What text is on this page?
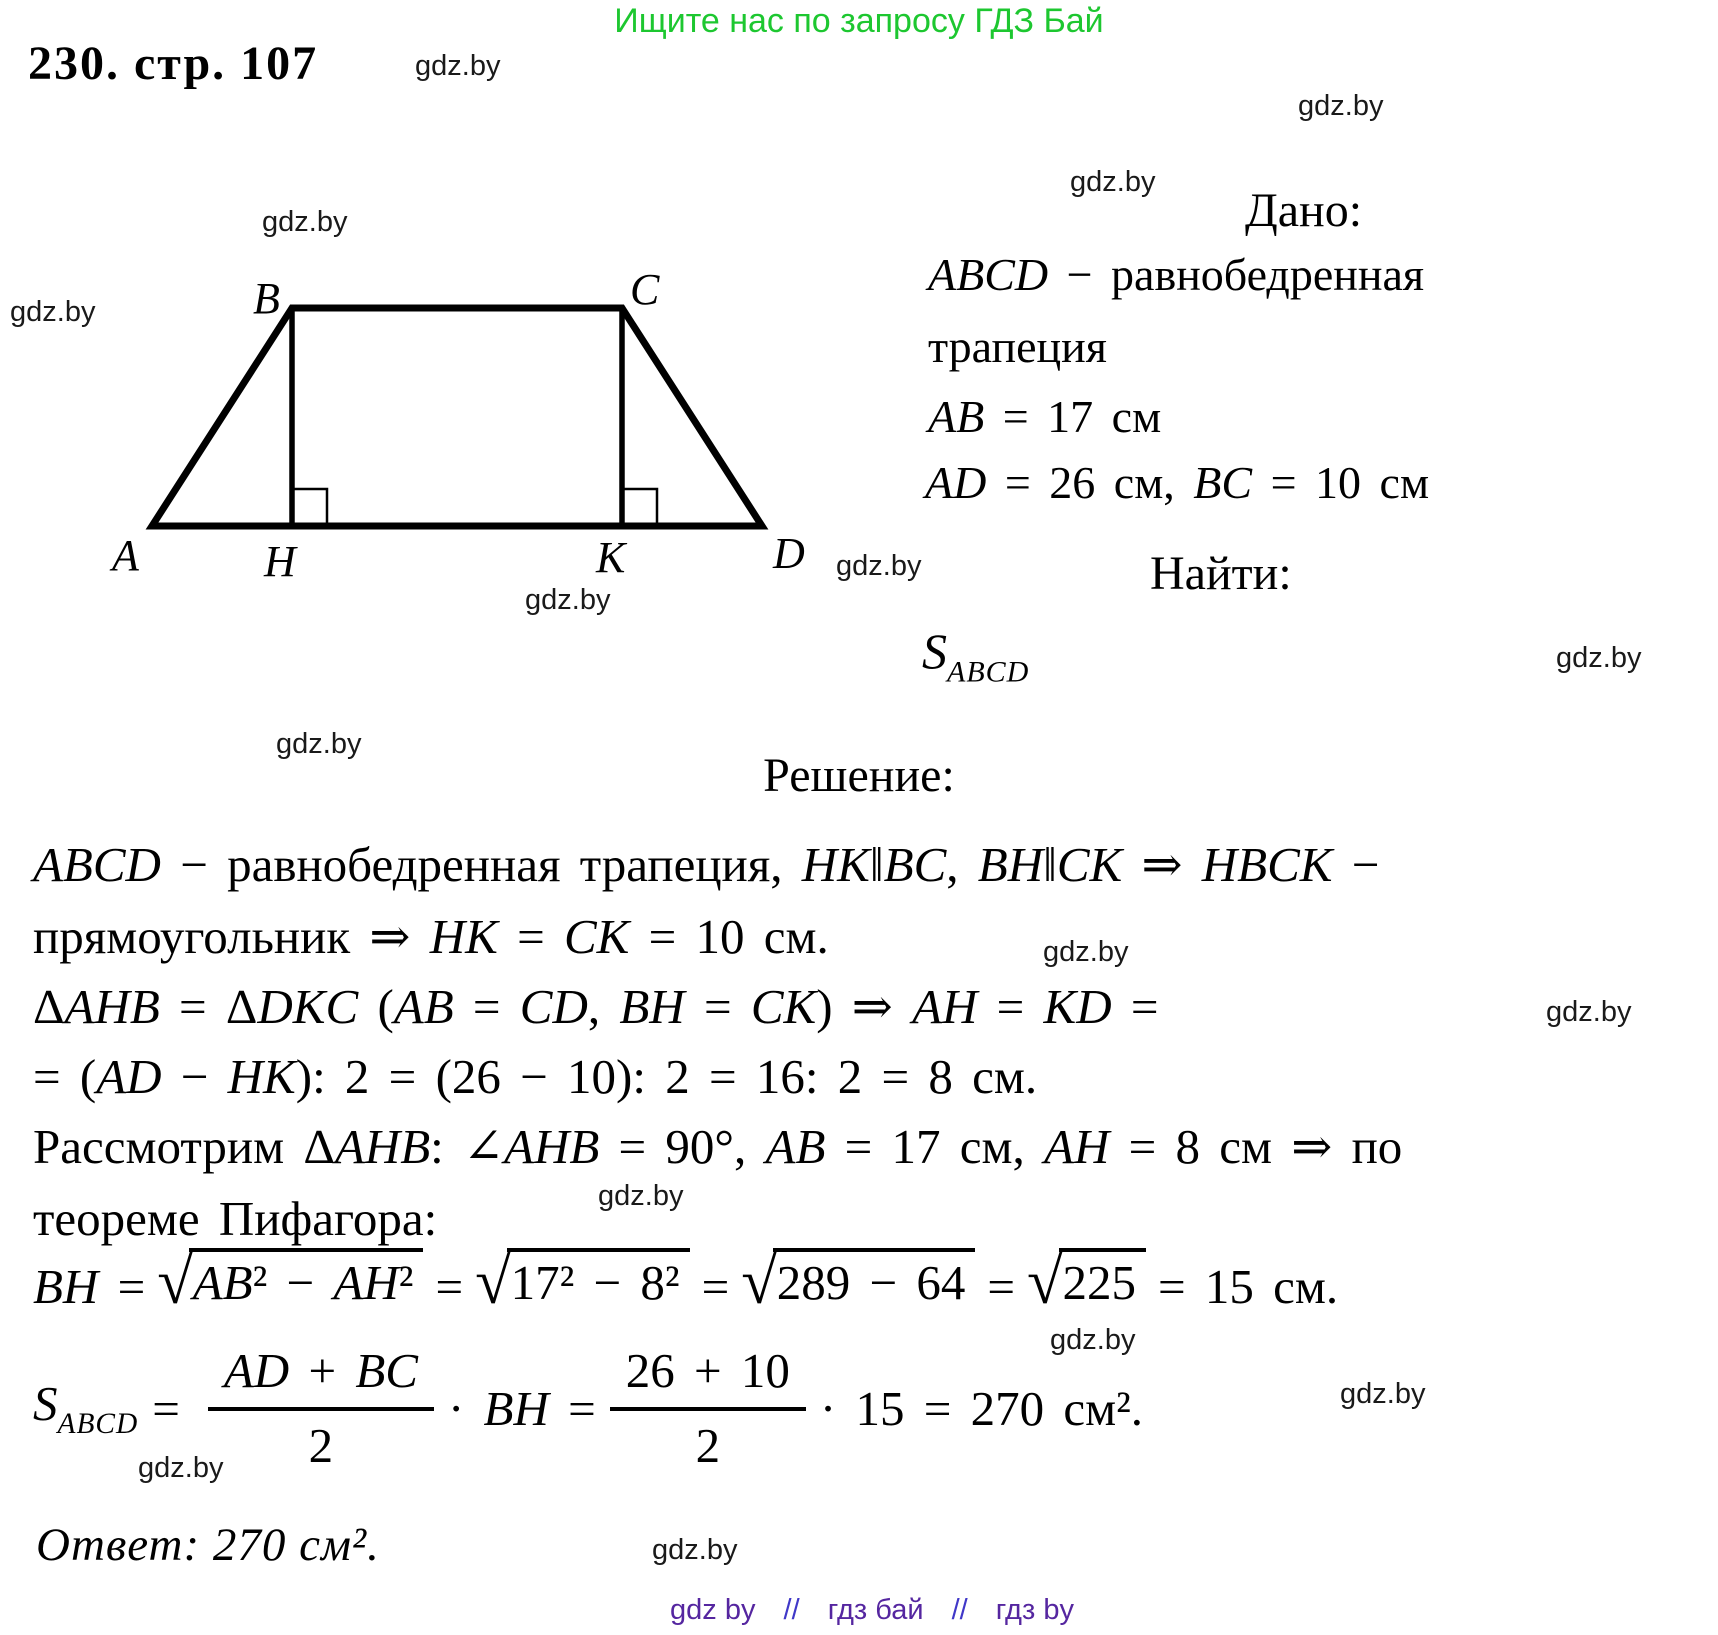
Ищите нас по запросу ГДЗ Бай
230. стр. 107	gdz.by
gdz.by
gdz.by
gdz.by
gdz.by
gdz.by
gdz.by
gdz.by
gdz.by
gdz.by
gdz.by
gdz.by
gdz.by
gdz.by
gdz.by
gdz.by
A
B	C
D
H	K
Дано:
ABCD − равнобедренная
трапеция
AB = 17 см
AD = 26 см, BC = 10 см
Найти:
$S_{ABCD}$
Решение:
ABCD − равнобедренная трапеция, HK‖BC, BH‖CK ⇒ HBCK −
прямоугольник ⇒ HK = CK = 10 см.
ΔAHB = ΔDKC (AB = CD, BH = CK) ⇒ AH = KD =
= (AD − HK): 2 = (26 − 10): 2 = 16: 2 = 8 см.
Рассмотрим ΔAHB: ∠AHB = 90°, AB = 17 см, AH = 8 см ⇒ по
теореме Пифагора:
BH = √ AB² − AH² = √ 17² − 8² = √ 289 − 64 = √ 225 = 15 см.
$S_{ABCD} = \frac{AD + BC}{2}$ · BH = $\frac{26 + 10}{2} \cdot 15 = 270$ см².
Ответ: 270 см².
gdz by // гдз бай // гдз by
